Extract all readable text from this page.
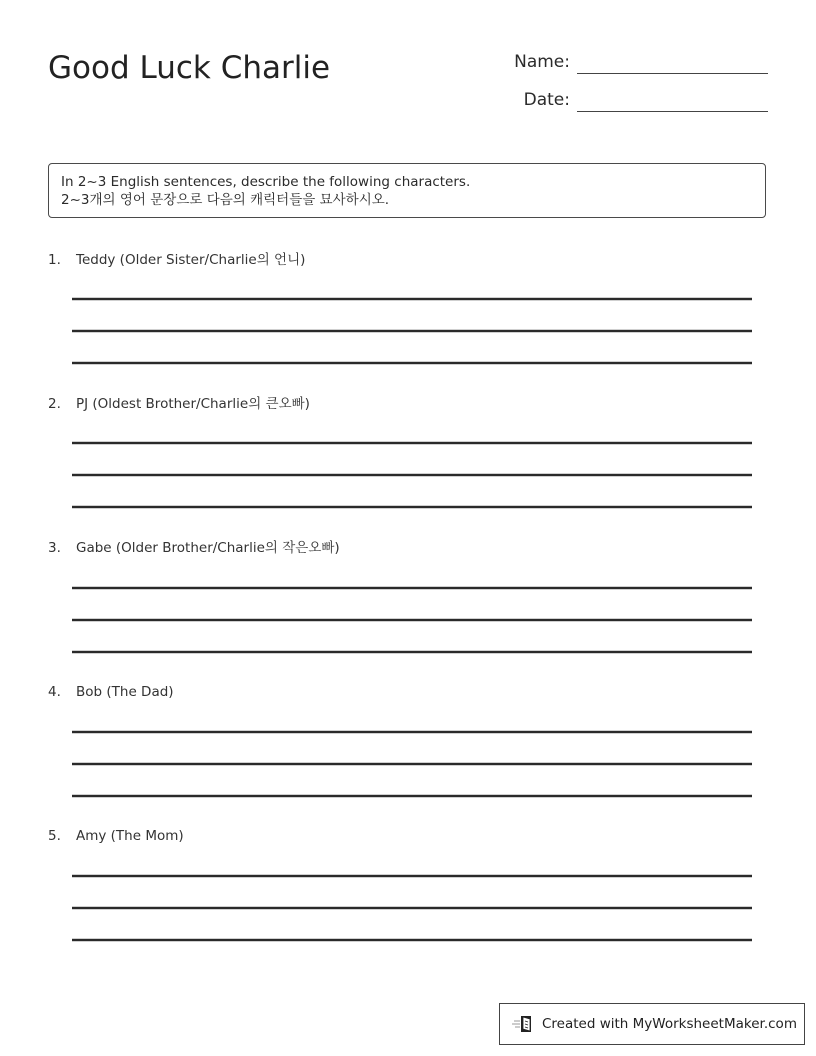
Good Luck Charlie	Name:
Date:
In 2~3 English sentences, describe the following characters.
2~3개의 영어 문장으로 다음의 캐릭터들을 묘사하시오.
1.	Teddy (Older Sister/Charlie의 언니)
2.	PJ (Oldest Brother/Charlie의 큰오빠)
3.	Gabe (Older Brother/Charlie의 작은오빠)
4.	Bob (The Dad)
5.	Amy (The Mom)
Created with MyWorksheetMaker.com
